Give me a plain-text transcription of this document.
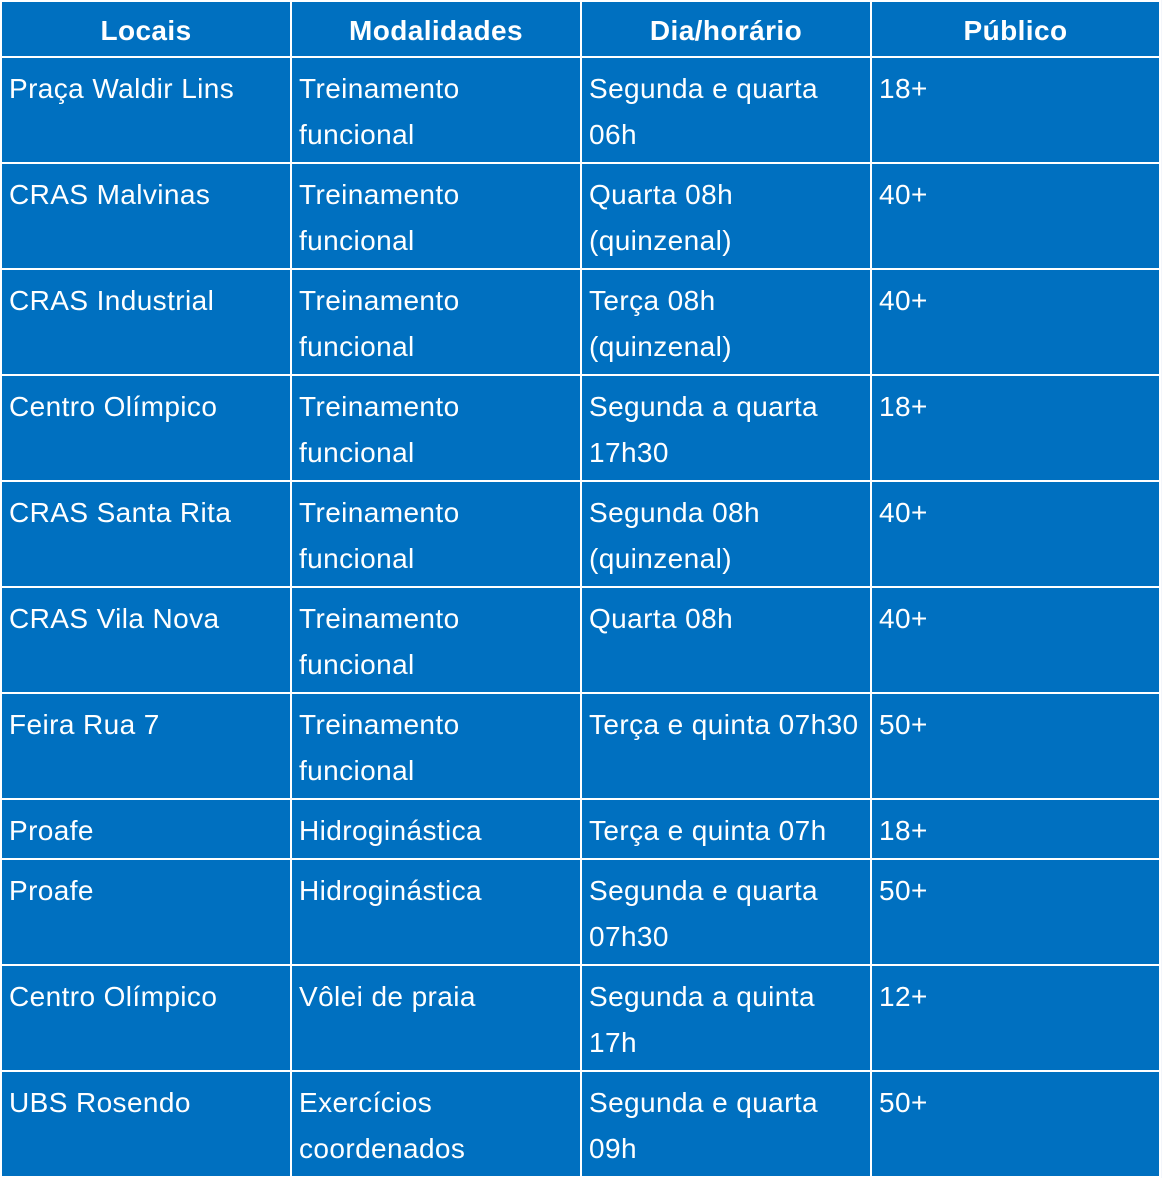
Locais	Modalidades	Dia/horário	Público
Praça Waldir Lins	Treinamento funcional	Segunda e quarta 06h	18+
CRAS Malvinas	Treinamento funcional	Quarta 08h (quinzenal)	40+
CRAS Industrial	Treinamento funcional	Terça 08h (quinzenal)	40+
Centro Olímpico	Treinamento funcional	Segunda a quarta 17h30	18+
CRAS Santa Rita	Treinamento funcional	Segunda 08h (quinzenal)	40+
CRAS Vila Nova	Treinamento funcional	Quarta 08h	40+
Feira Rua 7	Treinamento funcional	Terça e quinta 07h30	50+
Proafe	Hidroginástica	Terça e quinta 07h	18+
Proafe	Hidroginástica	Segunda e quarta 07h30	50+
Centro Olímpico	Vôlei de praia	Segunda a quinta 17h	12+
UBS Rosendo	Exercícios coordenados	Segunda e quarta 09h	50+
